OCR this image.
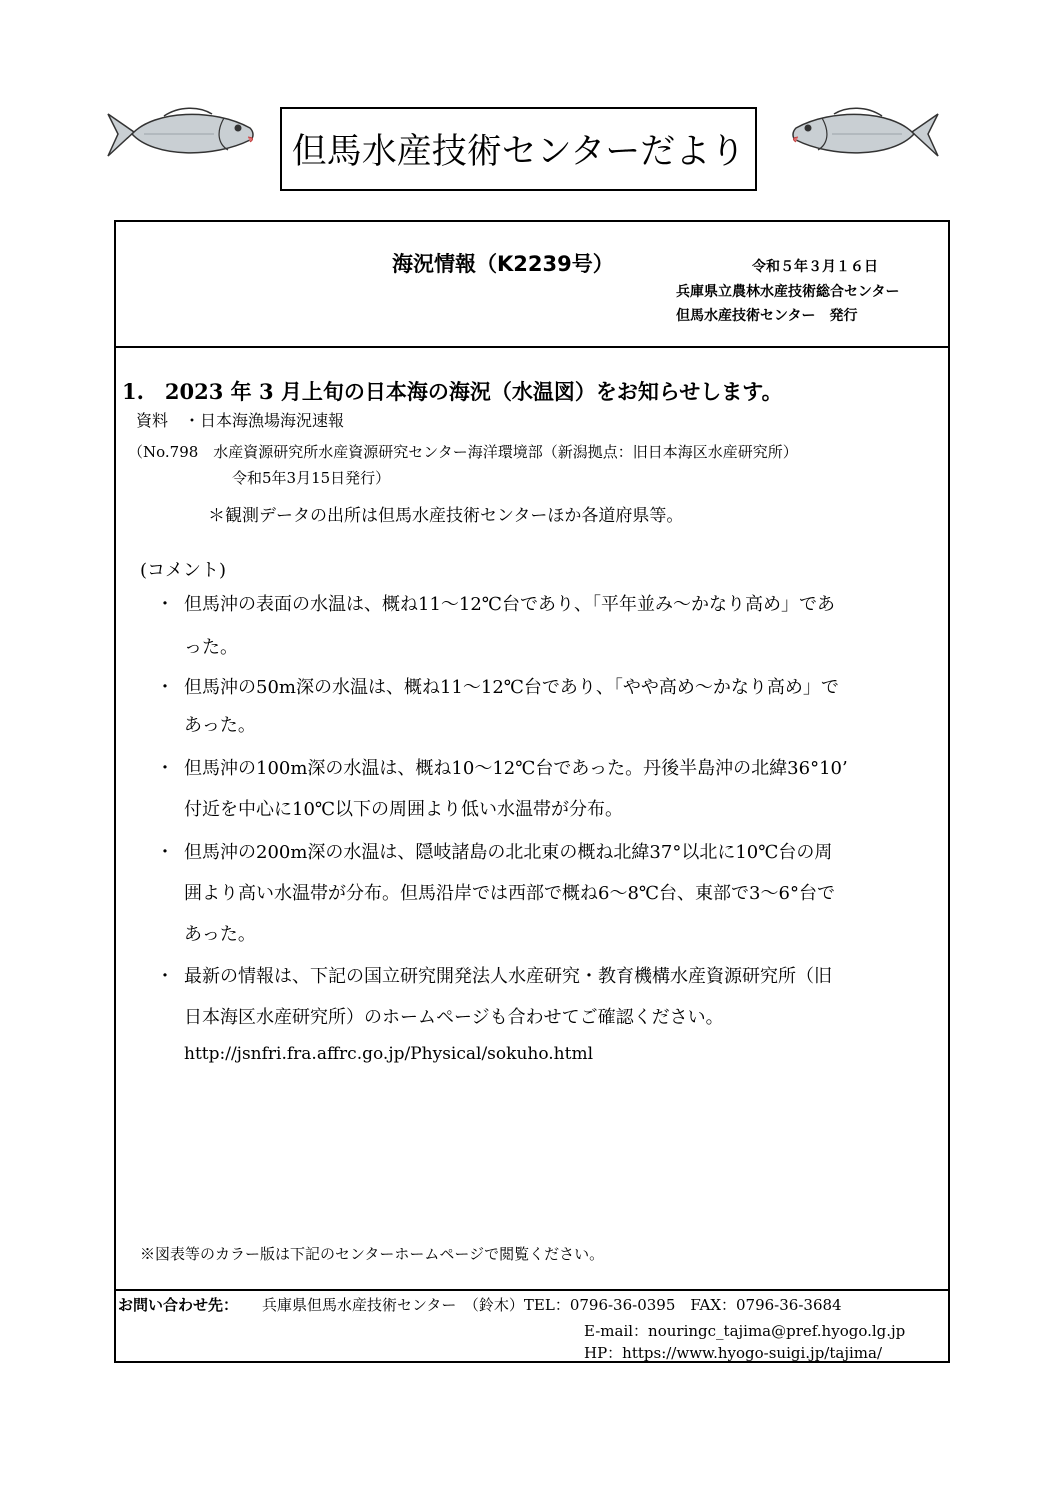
但馬水産技術センターだより
海況情報（K2239号）	令和５年３月１６日
兵庫県立農林水産技術総合センター
但馬水産技術センター　発行
1.　2023 年 3 月上旬の日本海の海況（水温図）をお知らせします。
資料　・日本海漁場海況速報
（No.798　水産資源研究所水産資源研究センター海洋環境部（新潟拠点：旧日本海区水産研究所）
令和5年3月15日発行）
＊観測データの出所は但馬水産技術センターほか各道府県等。
(コメント)
・ 但馬沖の表面の水温は、概ね11～12℃台であり、「平年並み～かなり高め」であ
った。
・ 但馬沖の50m深の水温は、概ね11～12℃台であり、「やや高め～かなり高め」で
あった。
・ 但馬沖の100m深の水温は、概ね10～12℃台であった。丹後半島沖の北緯36°10’
付近を中心に10℃以下の周囲より低い水温帯が分布。
・ 但馬沖の200m深の水温は、隠岐諸島の北北東の概ね北緯37°以北に10℃台の周
囲より高い水温帯が分布。但馬沿岸では西部で概ね6～8℃台、東部で3～6°台で
あった。
・ 最新の情報は、下記の国立研究開発法人水産研究・教育機構水産資源研究所（旧
日本海区水産研究所）のホームページも合わせてご確認ください。
http://jsnfri.fra.affrc.go.jp/Physical/sokuho.html
※図表等のカラー版は下記のセンターホームページで閲覧ください。
お問い合わせ先： 兵庫県但馬水産技術センター　（鈴木）TEL：0796-36-0395　FAX：0796-36-3684
E-mail：nouringc_tajima@pref.hyogo.lg.jp
HP：https://www.hyogo-suigi.jp/tajima/
